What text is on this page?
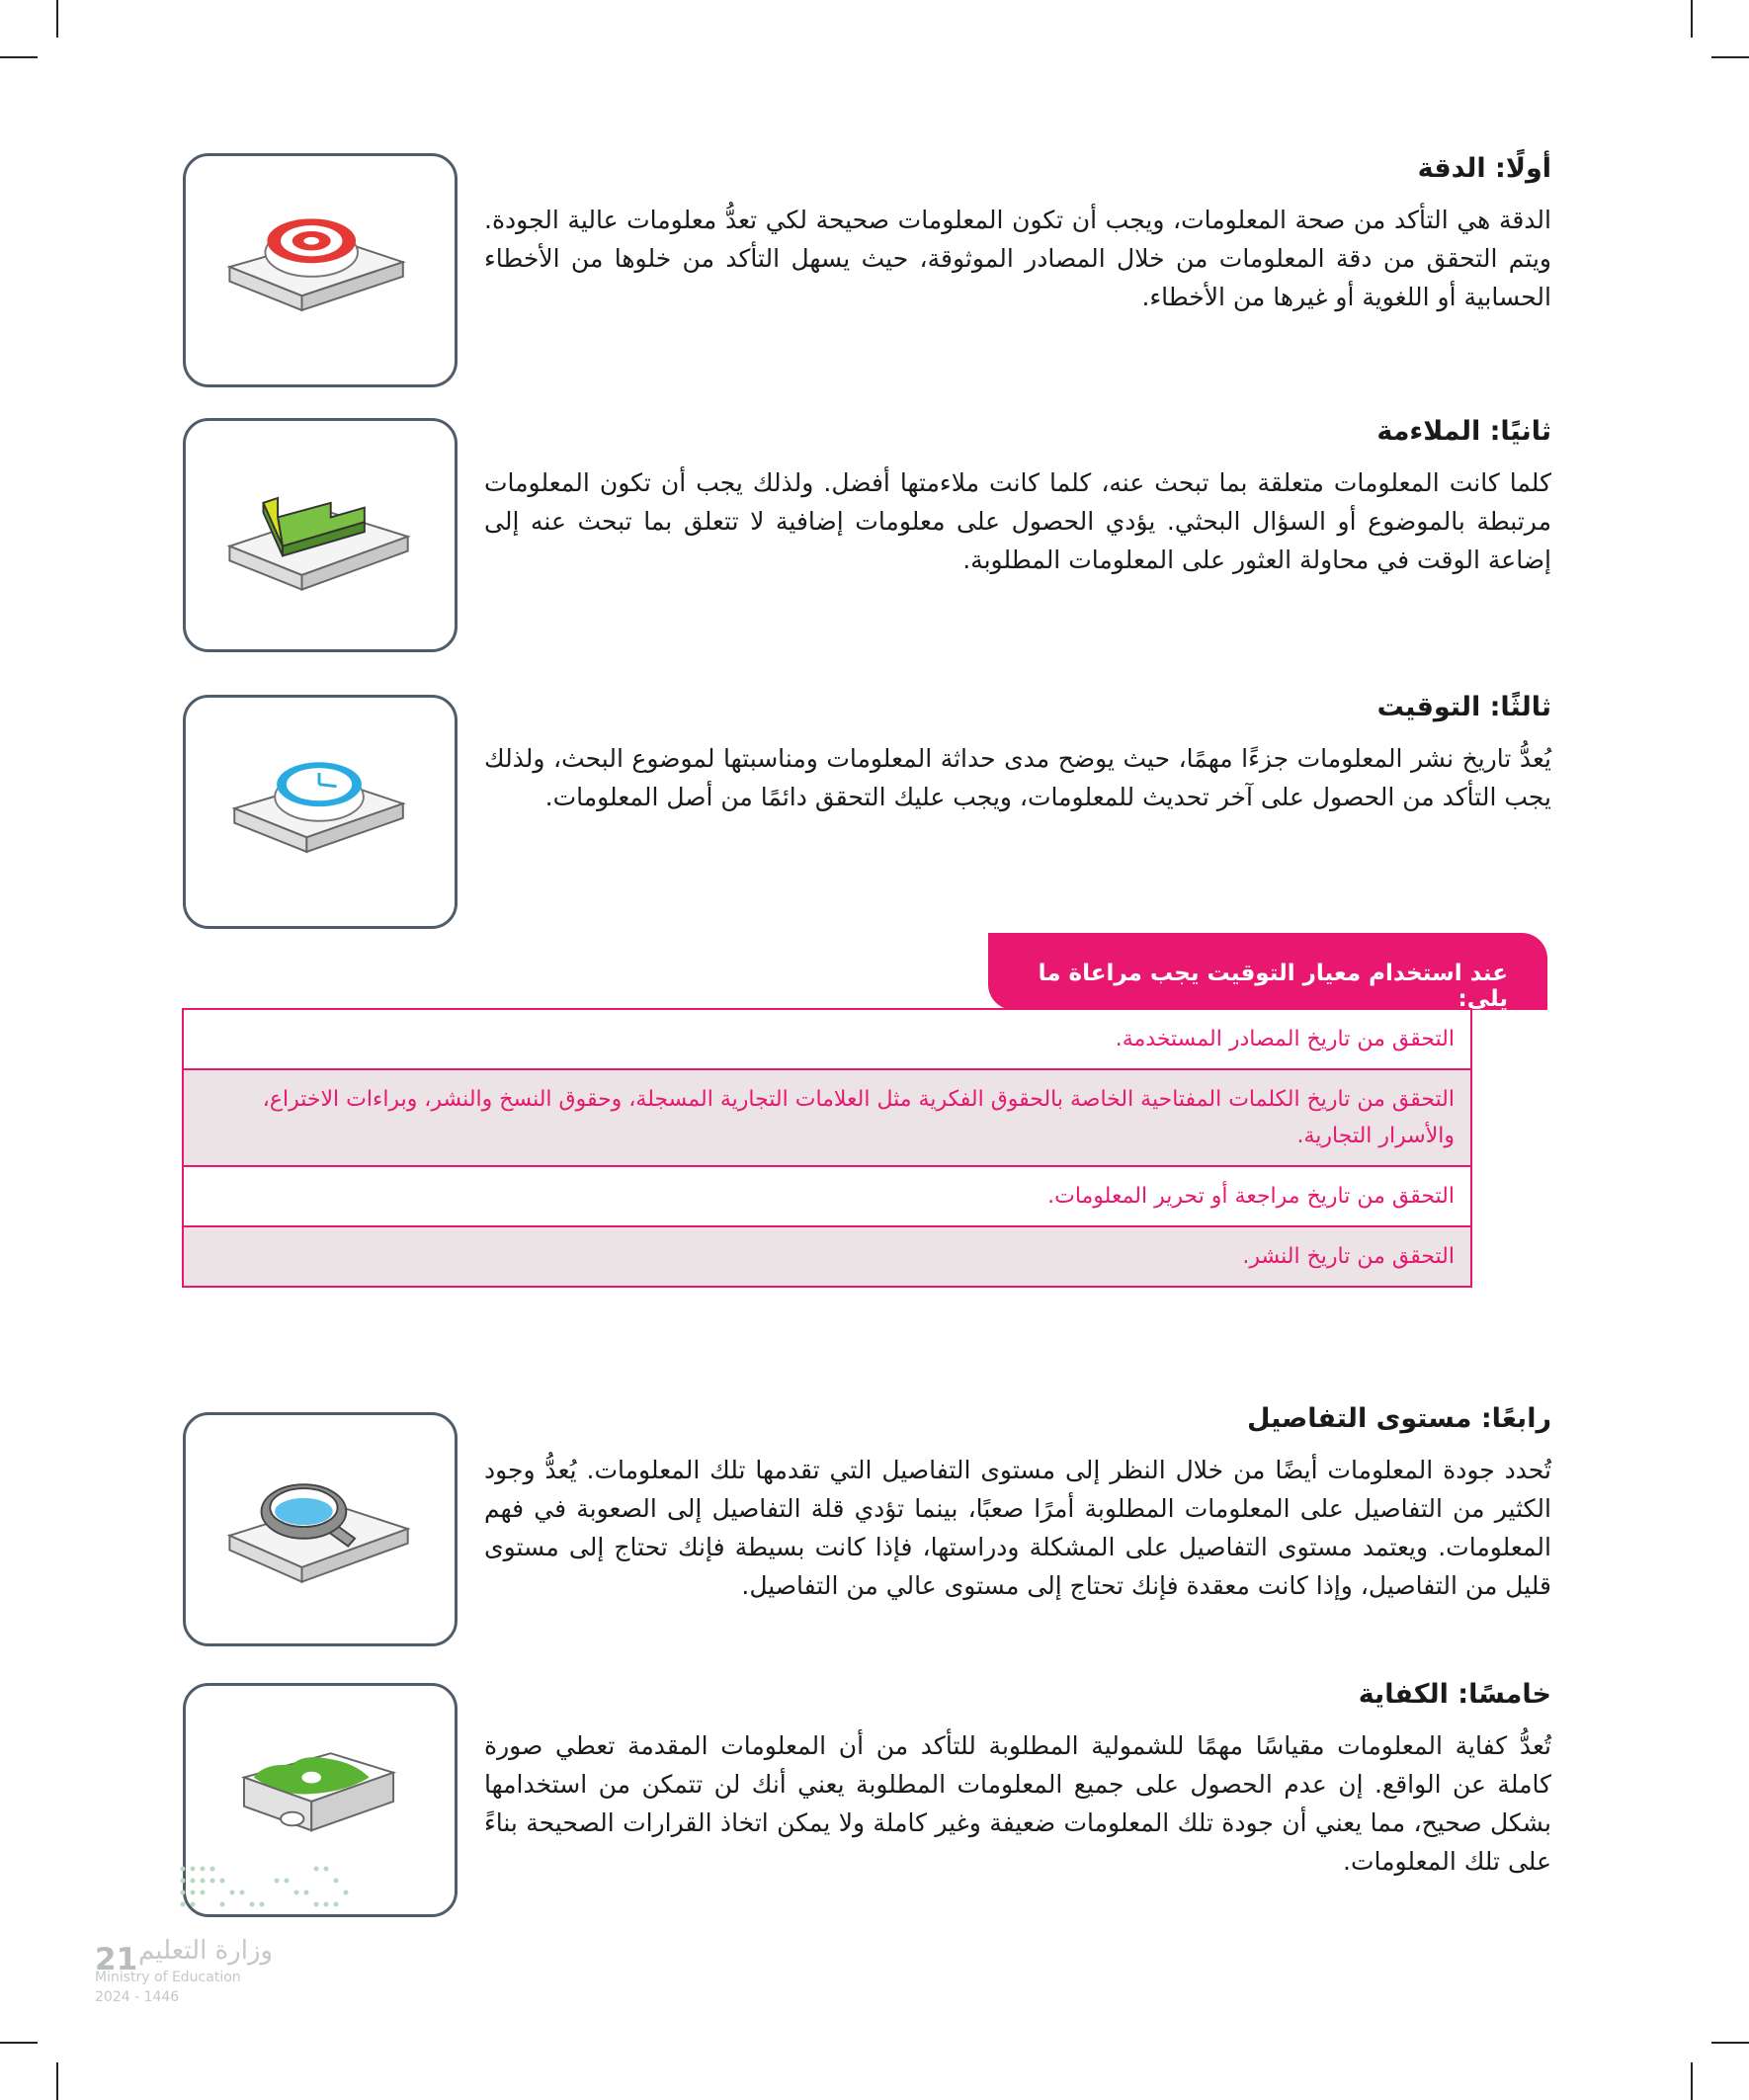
أولًا: الدقة

الدقة هي التأكد من صحة المعلومات، ويجب أن تكون المعلومات صحيحة لكي تعدُّ معلومات عالية الجودة. ويتم التحقق من دقة المعلومات من خلال المصادر الموثوقة، حيث يسهل التأكد من خلوها من الأخطاء الحسابية أو اللغوية أو غيرها من الأخطاء.

ثانيًا: الملاءمة

كلما كانت المعلومات متعلقة بما تبحث عنه، كلما كانت ملاءمتها أفضل. ولذلك يجب أن تكون المعلومات مرتبطة بالموضوع أو السؤال البحثي. يؤدي الحصول على معلومات إضافية لا تتعلق بما تبحث عنه إلى إضاعة الوقت في محاولة العثور على المعلومات المطلوبة.

ثالثًا: التوقيت

يُعدُّ تاريخ نشر المعلومات جزءًا مهمًا، حيث يوضح مدى حداثة المعلومات ومناسبتها لموضوع البحث، ولذلك يجب التأكد من الحصول على آخر تحديث للمعلومات، ويجب عليك التحقق دائمًا من أصل المعلومات.

عند استخدام معيار التوقيت يجب مراعاة ما يلي:
التحقق من تاريخ المصادر المستخدمة.
التحقق من تاريخ الكلمات المفتاحية الخاصة بالحقوق الفكرية مثل العلامات التجارية المسجلة، وحقوق النسخ والنشر، وبراءات الاختراع، والأسرار التجارية.
التحقق من تاريخ مراجعة أو تحرير المعلومات.
التحقق من تاريخ النشر.
رابعًا: مستوى التفاصيل

تُحدد جودة المعلومات أيضًا من خلال النظر إلى مستوى التفاصيل التي تقدمها تلك المعلومات. يُعدُّ وجود الكثير من التفاصيل على المعلومات المطلوبة أمرًا صعبًا، بينما تؤدي قلة التفاصيل إلى الصعوبة في فهم المعلومات. ويعتمد مستوى التفاصيل على المشكلة ودراستها، فإذا كانت بسيطة فإنك تحتاج إلى مستوى قليل من التفاصيل، وإذا كانت معقدة فإنك تحتاج إلى مستوى عالي من التفاصيل.

خامسًا: الكفاية

تُعدُّ كفاية المعلومات مقياسًا مهمًا للشمولية المطلوبة للتأكد من أن المعلومات المقدمة تعطي صورة كاملة عن الواقع. إن عدم الحصول على جميع المعلومات المطلوبة يعني أنك لن تتمكن من استخدامها بشكل صحيح، مما يعني أن جودة تلك المعلومات ضعيفة وغير كاملة ولا يمكن اتخاذ القرارات الصحيحة بناءً على تلك المعلومات.

21 وزارة التعليم
Ministry of Education
2024 - 1446
